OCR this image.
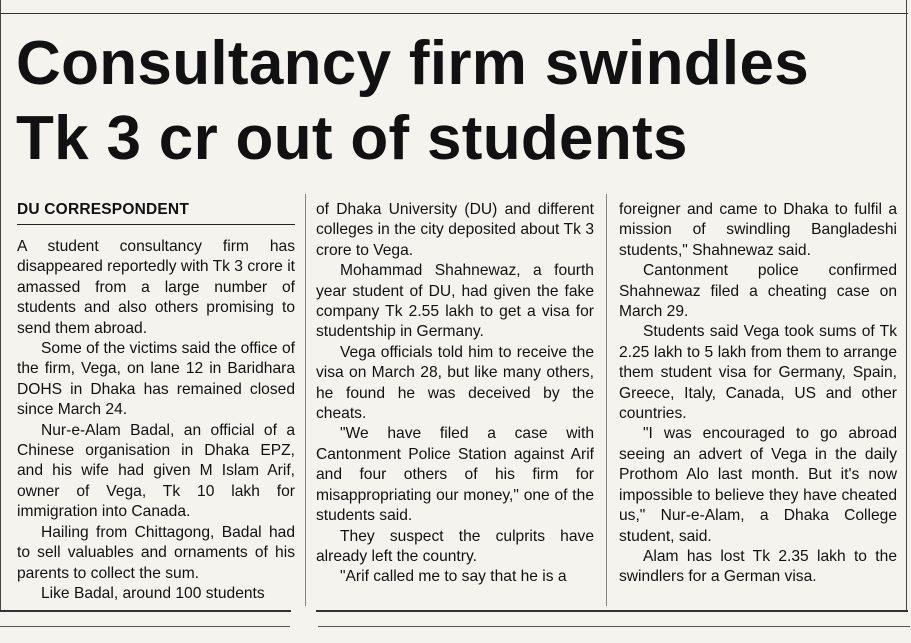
Consultancy firm swindles
Tk 3 cr out of students
DU CORRESPONDENT

A student consultancy firm has disappeared reportedly with Tk 3 crore it amassed from a large number of students and also others promising to send them abroad.

Some of the victims said the office of the firm, Vega, on lane 12 in Baridhara DOHS in Dhaka has remained closed since March 24.

Nur-e-Alam Badal, an official of a Chinese organisation in Dhaka EPZ, and his wife had given M Islam Arif, owner of Vega, Tk 10 lakh for immigration into Canada.

Hailing from Chittagong, Badal had to sell valuables and ornaments of his parents to collect the sum.

Like Badal, around 100 students

of Dhaka University (DU) and different colleges in the city deposited about Tk 3 crore to Vega.

Mohammad Shahnewaz, a fourth year student of DU, had given the fake company Tk 2.55 lakh to get a visa for studentship in Germany.

Vega officials told him to receive the visa on March 28, but like many others, he found he was deceived by the cheats.

"We have filed a case with Cantonment Police Station against Arif and four others of his firm for misappropriating our money," one of the students said.

They suspect the culprits have already left the country.

"Arif called me to say that he is a

foreigner and came to Dhaka to fulfil a mission of swindling Bangladeshi students," Shahnewaz said.

Cantonment police confirmed Shahnewaz filed a cheating case on March 29.

Students said Vega took sums of Tk 2.25 lakh to 5 lakh from them to arrange them student visa for Germany, Spain, Greece, Italy, Canada, US and other countries.

"I was encouraged to go abroad seeing an advert of Vega in the daily Prothom Alo last month. But it's now impossible to believe they have cheated us," Nur-e-Alam, a Dhaka College student, said.

Alam has lost Tk 2.35 lakh to the swindlers for a German visa.
